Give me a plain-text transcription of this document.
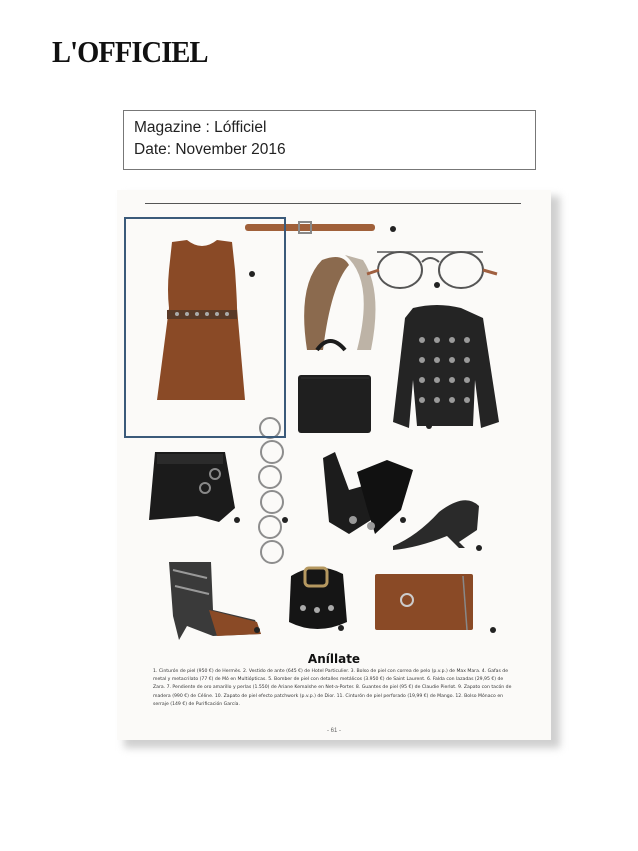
L'OFFICIEL
Magazine : Lófficiel
Date: November 2016
Aníllate
1. Cinturón de piel (950 €) de Hermès. 2. Vestido de ante (645 €) de Hotel Particulier. 3. Bolso de piel con correa de pelo (p.v.p.) de Max Mara. 4. Gafas de metal y metacrilato (77 €) de Mó en Multiópticas. 5. Bomber de piel con detalles metálicos (3.950 €) de Saint Laurent. 6. Falda con lazadas (29,95 €) de Zara. 7. Pendiente de oro amarillo y perlas (1.550) de Ariane Kemalshe en Net-a-Porter. 8. Guantes de piel (95 €) de Claudie Pierlot. 9. Zapato con tacón de madera (990 €) de Céline. 10. Zapato de piel efecto patchwork (p.v.p.) de Dior. 11. Cinturón de piel perforado (19,99 €) de Mango. 12. Bolso Mónaco en serraje (149 €) de Purificación García.
- 61 -
